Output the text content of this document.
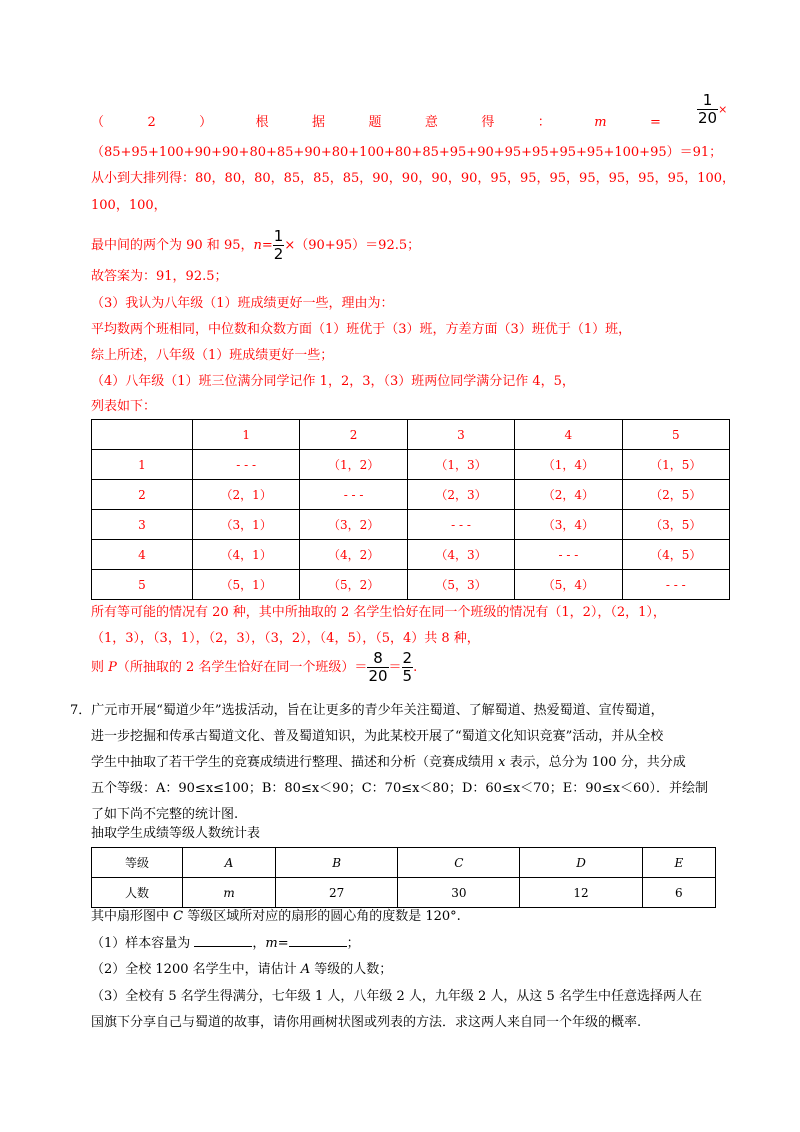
（	2	）	根	据	题	意	得	：	m	= $\frac{1}{20}$ ×
（85+95+100+90+90+80+85+90+80+100+80+85+95+90+95+95+95+95+100+95）＝91；
从小到大排列得：80，80，80，85，85，85，90，90，90，90，95，95，95，95，95，95，95，100，
100，100，
最中间的两个为 90 和 95，$n= \frac{1}{2} \times(90+95)=92.5$；
故答案为：91，92.5；
（3）我认为八年级（1）班成绩更好一些，理由为：
平均数两个班相同，中位数和众数方面（1）班优于（3）班，方差方面（3）班优于（1）班，
综上所述，八年级（1）班成绩更好一些；
（4）八年级（1）班三位满分同学记作 1，2，3，（3）班两位同学满分记作 4，5，
列表如下：
	1	2	3	4	5
1	- - -	（1，2）	（1，3）	（1，4）	（1，5）
2	（2，1）	- - -	（2，3）	（2，4）	（2，5）
3	（3，1）	（3，2）	- - -	（3，4）	（3，5）
4	（4，1）	（4，2）	（4，3）	- - -	（4，5）
5	（5，1）	（5，2）	（5，3）	（5，4）	- - -
所有等可能的情况有 20 种，其中所抽取的 2 名学生恰好在同一个班级的情况有（1，2），（2，1），
（1，3），（3，1），（2，3），（3，2），（4，5），（5，4）共 8 种，
则 P（所抽取的 2 名学生恰好在同一个班级）＝ $\frac{8}{20} = \frac{2}{5}$ .
7．广元市开展“蜀道少年”选拔活动，旨在让更多的青少年关注蜀道、了解蜀道、热爱蜀道、宣传蜀道，
进一步挖掘和传承古蜀道文化、普及蜀道知识，为此某校开展了“蜀道文化知识竞赛”活动，并从全校
学生中抽取了若干学生的竞赛成绩进行整理、描述和分析（竞赛成绩用 x 表示，总分为 100 分，共分成
五个等级：A：90≤x≤100；B：80≤x＜90；C：70≤x＜80；D：60≤x＜70；E：90≤x＜60）．并绘制
了如下尚不完整的统计图.
抽取学生成绩等级人数统计表
等级	A	B	C	D	E
人数	m	27	30	12	6
其中扇形图中 C 等级区域所对应的扇形的圆心角的度数是 120°.
（1）样本容量为	，m=	；
（2）全校 1200 名学生中，请估计 A 等级的人数；
（3）全校有 5 名学生得满分，七年级 1 人，八年级 2 人，九年级 2 人，从这 5 名学生中任意选择两人在
国旗下分享自己与蜀道的故事，请你用画树状图或列表的方法．求这两人来自同一个年级的概率.
